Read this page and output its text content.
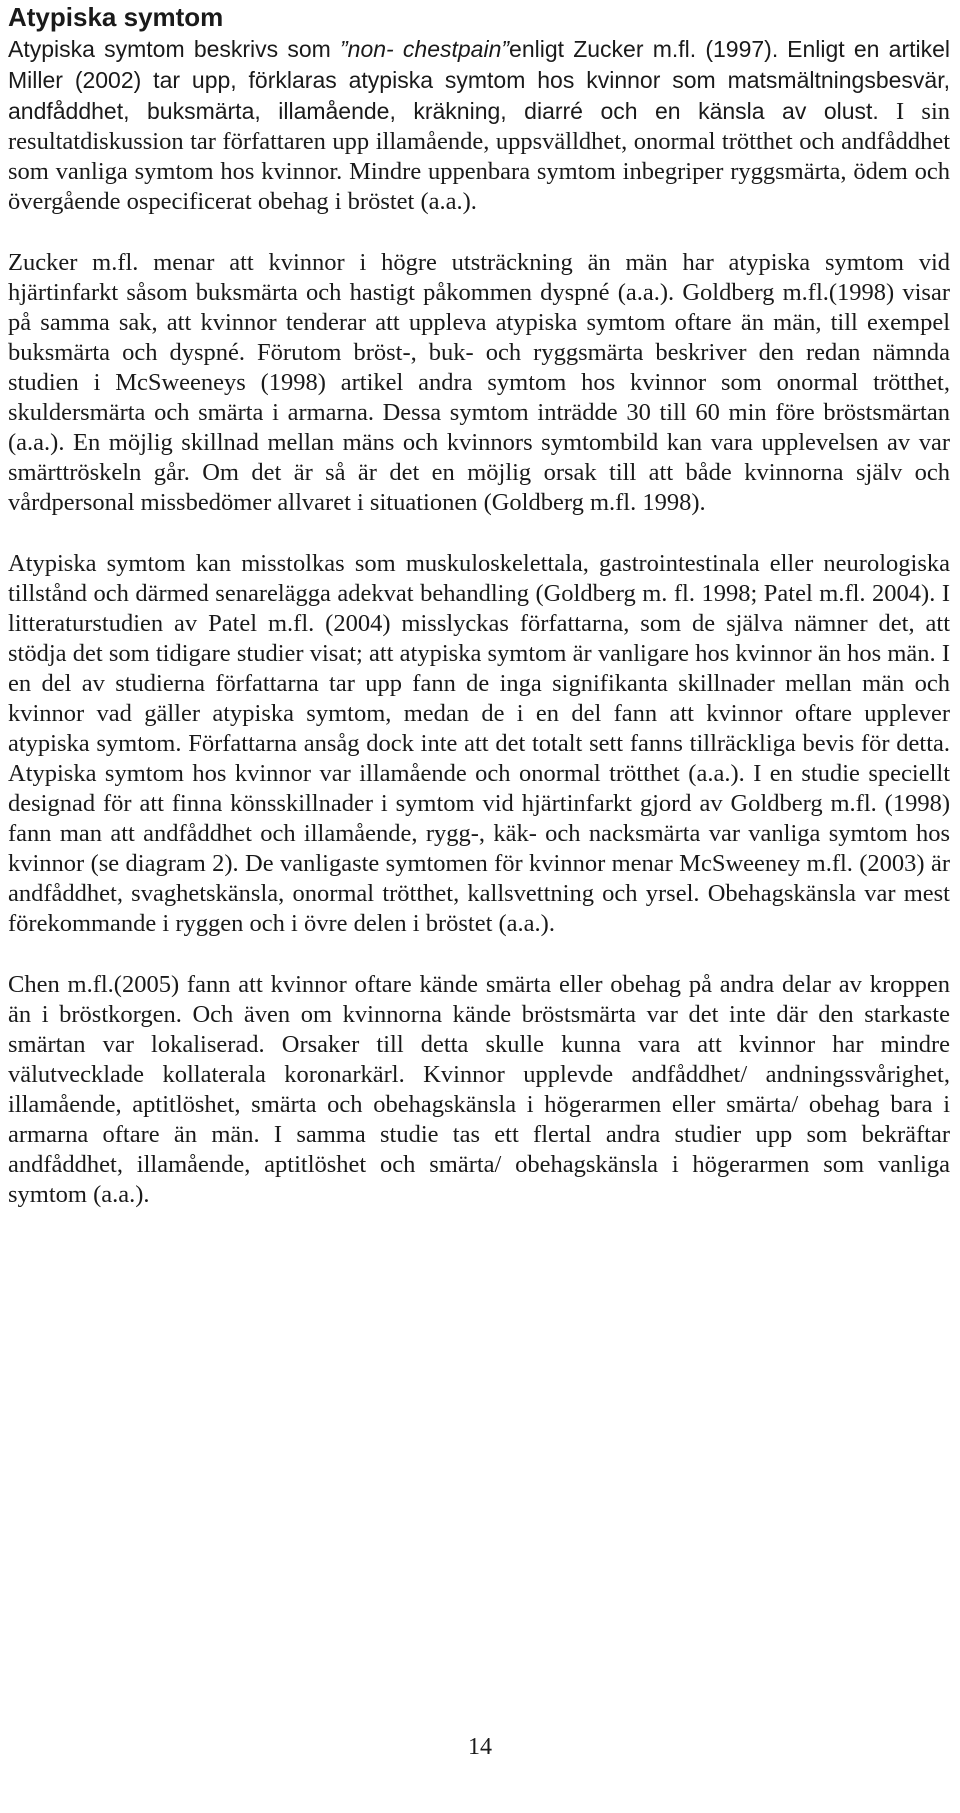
Atypiska symtom

Atypiska symtom beskrivs som ”non- chestpain”enligt Zucker m.fl. (1997). Enligt en artikel Miller (2002) tar upp, förklaras atypiska symtom hos kvinnor som matsmältningsbesvär, andfåddhet, buksmärta, illamående, kräkning, diarré och en känsla av olust. I sin resultatdiskussion tar författaren upp illamående, uppsvälldhet, onormal trötthet och andfåddhet som vanliga symtom hos kvinnor. Mindre uppenbara symtom inbegriper ryggsmärta, ödem och övergående ospecificerat obehag i bröstet (a.a.).

Zucker m.fl. menar att kvinnor i högre utsträckning än män har atypiska symtom vid hjärtinfarkt såsom buksmärta och hastigt påkommen dyspné (a.a.). Goldberg m.fl.(1998) visar på samma sak, att kvinnor tenderar att uppleva atypiska symtom oftare än män, till exempel buksmärta och dyspné. Förutom bröst-, buk- och ryggsmärta beskriver den redan nämnda studien i McSweeneys (1998) artikel andra symtom hos kvinnor som onormal trötthet, skuldersmärta och smärta i armarna. Dessa symtom inträdde 30 till 60 min före bröstsmärtan (a.a.). En möjlig skillnad mellan mäns och kvinnors symtombild kan vara upplevelsen av var smärttröskeln går. Om det är så är det en möjlig orsak till att både kvinnorna själv och vårdpersonal missbedömer allvaret i situationen (Goldberg m.fl. 1998).

Atypiska symtom kan misstolkas som muskuloskelettala, gastrointestinala eller neurologiska tillstånd och därmed senarelägga adekvat behandling (Goldberg m. fl. 1998; Patel m.fl. 2004). I litteraturstudien av Patel m.fl. (2004) misslyckas författarna, som de själva nämner det, att stödja det som tidigare studier visat; att atypiska symtom är vanligare hos kvinnor än hos män. I en del av studierna författarna tar upp fann de inga signifikanta skillnader mellan män och kvinnor vad gäller atypiska symtom, medan de i en del fann att kvinnor oftare upplever atypiska symtom. Författarna ansåg dock inte att det totalt sett fanns tillräckliga bevis för detta. Atypiska symtom hos kvinnor var illamående och onormal trötthet (a.a.). I en studie speciellt designad för att finna könsskillnader i symtom vid hjärtinfarkt gjord av Goldberg m.fl. (1998) fann man att andfåddhet och illamående, rygg-, käk- och nacksmärta var vanliga symtom hos kvinnor (se diagram 2). De vanligaste symtomen för kvinnor menar McSweeney m.fl. (2003) är andfåddhet, svaghetskänsla, onormal trötthet, kallsvettning och yrsel. Obehagskänsla var mest förekommande i ryggen och i övre delen i bröstet (a.a.).

Chen m.fl.(2005) fann att kvinnor oftare kände smärta eller obehag på andra delar av kroppen än i bröstkorgen. Och även om kvinnorna kände bröstsmärta var det inte där den starkaste smärtan var lokaliserad. Orsaker till detta skulle kunna vara att kvinnor har mindre välutvecklade kollaterala koronarkärl. Kvinnor upplevde andfåddhet/ andningssvårighet, illamående, aptitlöshet, smärta och obehagskänsla i högerarmen eller smärta/ obehag bara i armarna oftare än män. I samma studie tas ett flertal andra studier upp som bekräftar andfåddhet, illamående, aptitlöshet och smärta/ obehagskänsla i högerarmen som vanliga symtom (a.a.).

14
